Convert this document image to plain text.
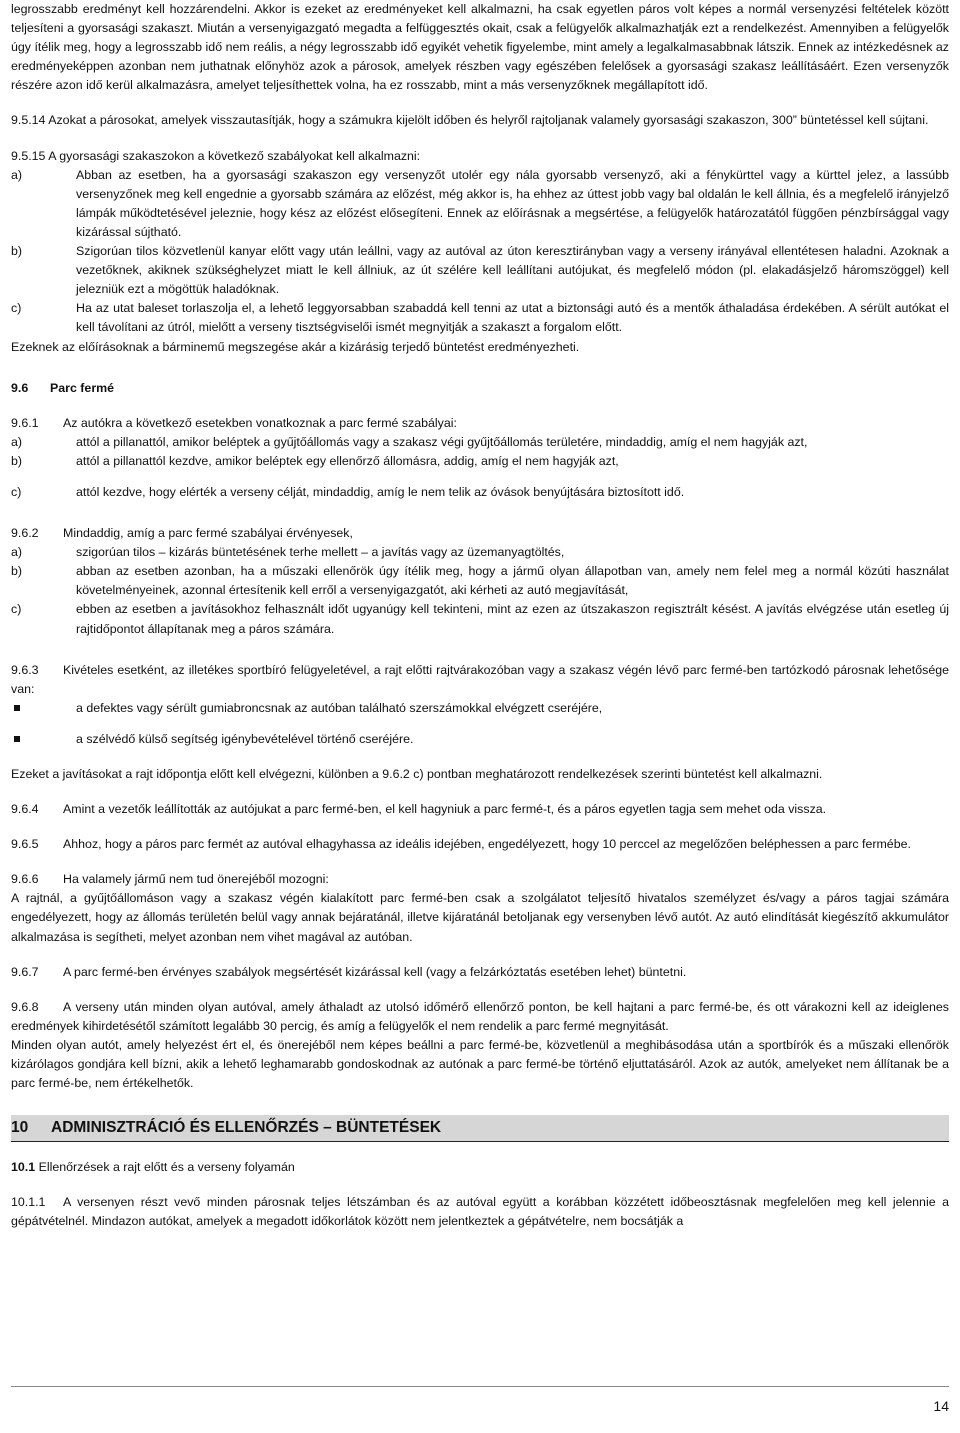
legrosszabb eredményt kell hozzárendelni. Akkor is ezeket az eredményeket kell alkalmazni, ha csak egyetlen páros volt képes a normál versenyzési feltételek között teljesíteni a gyorsasági szakaszt. Miután a versenyigazgató megadta a felfüggesztés okait, csak a felügyelők alkalmazhatják ezt a rendelkezést. Amennyiben a felügyelők úgy ítélik meg, hogy a legrosszabb idő nem reális, a négy legrosszabb idő egyikét vehetik figyelembe, mint amely a legalkalmasabbnak látszik. Ennek az intézkedésnek az eredményeképpen azonban nem juthatnak előnyhöz azok a párosok, amelyek részben vagy egészében felelősek a gyorsasági szakasz leállításáért. Ezen versenyzők részére azon idő kerül alkalmazásra, amelyet teljesíthettek volna, ha ez rosszabb, mint a más versenyzőknek megállapított idő.

9.5.14 Azokat a párosokat, amelyek visszautasítják, hogy a számukra kijelölt időben és helyről rajtoljanak valamely gyorsasági szakaszon, 300” büntetéssel kell sújtani.

9.5.15 A gyorsasági szakaszokon a következő szabályokat kell alkalmazni:

a)	Abban az esetben, ha a gyorsasági szakaszon egy versenyzőt utolér egy nála gyorsabb versenyző, aki a fénykürttel vagy a kürttel jelez, a lassúbb versenyzőnek meg kell engednie a gyorsabb számára az előzést, még akkor is, ha ehhez az úttest jobb vagy bal oldalán le kell állnia, és a megfelelő irányjelző lámpák működtetésével jeleznie, hogy kész az előzést elősegíteni. Ennek az előírásnak a megsértése, a felügyelők határozatától függően pénzbírsággal vagy kizárással sújtható.
b)	Szigorúan tilos közvetlenül kanyar előtt vagy után leállni, vagy az autóval az úton keresztirányban vagy a verseny irányával ellentétesen haladni. Azoknak a vezetőknek, akiknek szükséghelyzet miatt le kell állniuk, az út szélére kell leállítani autójukat, és megfelelő módon (pl. elakadásjelző háromszöggel) kell jelezniük ezt a mögöttük haladóknak.
c)	Ha az utat baleset torlaszolja el, a lehető leggyorsabban szabaddá kell tenni az utat a biztonsági autó és a mentők áthaladása érdekében. A sérült autókat el kell távolítani az útról, mielőtt a verseny tisztségviselői ismét megnyitják a szakaszt a forgalom előtt.

Ezeknek az előírásoknak a bárminemű megszegése akár a kizárásig terjedő büntetést eredményezheti.

9.6 Parc fermé

9.6.1 Az autókra a következő esetekben vonatkoznak a parc fermé szabályai:

a)	attól a pillanattól, amikor beléptek a gyűjtőállomás vagy a szakasz végi gyűjtőállomás területére, mindaddig, amíg el nem hagyják azt,
b)	attól a pillanattól kezdve, amikor beléptek egy ellenőrző állomásra, addig, amíg el nem hagyják azt,
c)	attól kezdve, hogy elérték a verseny célját, mindaddig, amíg le nem telik az óvások benyújtására biztosított idő.

9.6.2 Mindaddig, amíg a parc fermé szabályai érvényesek,

a)	szigorúan tilos – kizárás büntetésének terhe mellett – a javítás vagy az üzemanyagtöltés,
b)	abban az esetben azonban, ha a műszaki ellenőrök úgy ítélik meg, hogy a jármű olyan állapotban van, amely nem felel meg a normál közúti használat követelményeinek, azonnal értesítenik kell erről a versenyigazgatót, aki kérheti az autó megjavítását,
c)	ebben az esetben a javításokhoz felhasznált időt ugyanúgy kell tekinteni, mint az ezen az útszakaszon regisztrált késést. A javítás elvégzése után esetleg új rajtidőpontot állapítanak meg a páros számára.

9.6.3 Kivételes esetként, az illetékes sportbíró felügyeletével, a rajt előtti rajtvárakozóban vagy a szakasz végén lévő parc fermé-ben tartózkodó párosnak lehetősége van:

a defektes vagy sérült gumiabroncsnak az autóban található szerszámokkal elvégzett cseréjére,
a szélvédő külső segítség igénybevételével történő cseréjére.

Ezeket a javításokat a rajt időpontja előtt kell elvégezni, különben a 9.6.2 c) pontban meghatározott rendelkezések szerinti büntetést kell alkalmazni.

9.6.4 Amint a vezetők leállították az autójukat a parc fermé-ben, el kell hagyniuk a parc fermé-t, és a páros egyetlen tagja sem mehet oda vissza.

9.6.5 Ahhoz, hogy a páros parc fermét az autóval elhagyhassa az ideális idejében, engedélyezett, hogy 10 perccel az megelőzően beléphessen a parc fermébe.

9.6.6 Ha valamely jármű nem tud önerejéből mozogni:

A rajtnál, a gyűjtőállomáson vagy a szakasz végén kialakított parc fermé-ben csak a szolgálatot teljesítő hivatalos személyzet és/vagy a páros tagjai számára engedélyezett, hogy az állomás területén belül vagy annak bejáratánál, illetve kijáratánál betoljanak egy versenyben lévő autót. Az autó elindítását kiegészítő akkumulátor alkalmazása is segítheti, melyet azonban nem vihet magával az autóban.

9.6.7 A parc fermé-ben érvényes szabályok megsértését kizárással kell (vagy a felzárkóztatás esetében lehet) büntetni.

9.6.8 A verseny után minden olyan autóval, amely áthaladt az utolsó időmérő ellenőrző ponton, be kell hajtani a parc fermé-be, és ott várakozni kell az ideiglenes eredmények kihirdetésétől számított legalább 30 percig, és amíg a felügyelők el nem rendelik a parc fermé megnyitását.

Minden olyan autót, amely helyezést ért el, és önerejéből nem képes beállni a parc fermé-be, közvetlenül a meghibásodása után a sportbírók és a műszaki ellenőrök kizárólagos gondjára kell bízni, akik a lehető leghamarabb gondoskodnak az autónak a parc fermé-be történő eljuttatásáról. Azok az autók, amelyeket nem állítanak be a parc fermé-be, nem értékelhetők.

10 ADMINISZTRÁCIÓ ÉS ELLENŐRZÉS – BÜNTETÉSEK

10.1 Ellenőrzések a rajt előtt és a verseny folyamán

10.1.1 A versenyen részt vevő minden párosnak teljes létszámban és az autóval együtt a korábban közzétett időbeosztásnak megfelelően meg kell jelennie a gépátvételnél. Mindazon autókat, amelyek a megadott időkorlátok között nem jelentkeztek a gépátvételre, nem bocsátják a

14
